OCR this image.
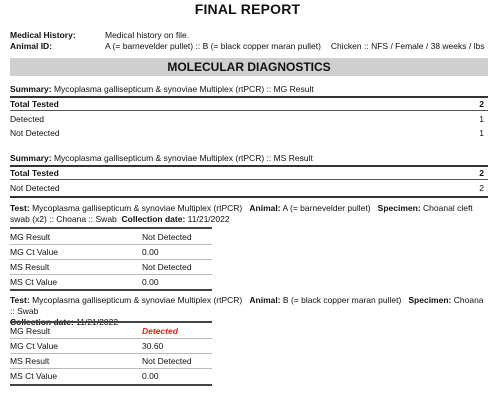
FINAL REPORT
Medical History:	Medical history on file.
Animal ID:	A (= barnevelder pullet) :: B (= black copper maran pullet) Chicken :: NFS / Female / 38 weeks / lbs
MOLECULAR DIAGNOSTICS
Summary: Mycoplasma gallisepticum & synoviae Multiplex (rtPCR) :: MG Result
Total Tested	2
Detected	1
Not Detected	1
Summary: Mycoplasma gallisepticum & synoviae Multiplex (rtPCR) :: MS Result
Total Tested	2
Not Detected	2
Test: Mycoplasma gallisepticum & synoviae Multiplex (rtPCR) Animal: A (= barnevelder pullet) Specimen: Choanal cleft swab (x2) :: Choana :: Swab Collection date: 11/21/2022
MG Result	Not Detected
MG Ct Value	0.00
MS Result	Not Detected
MS Ct Value	0.00
Test: Mycoplasma gallisepticum & synoviae Multiplex (rtPCR) Animal: B (= black copper maran pullet) Specimen: Choana :: Swab

MG Result	Detected
MG Ct Value	30.60
MS Result	Not Detected
MS Ct Value	0.00
